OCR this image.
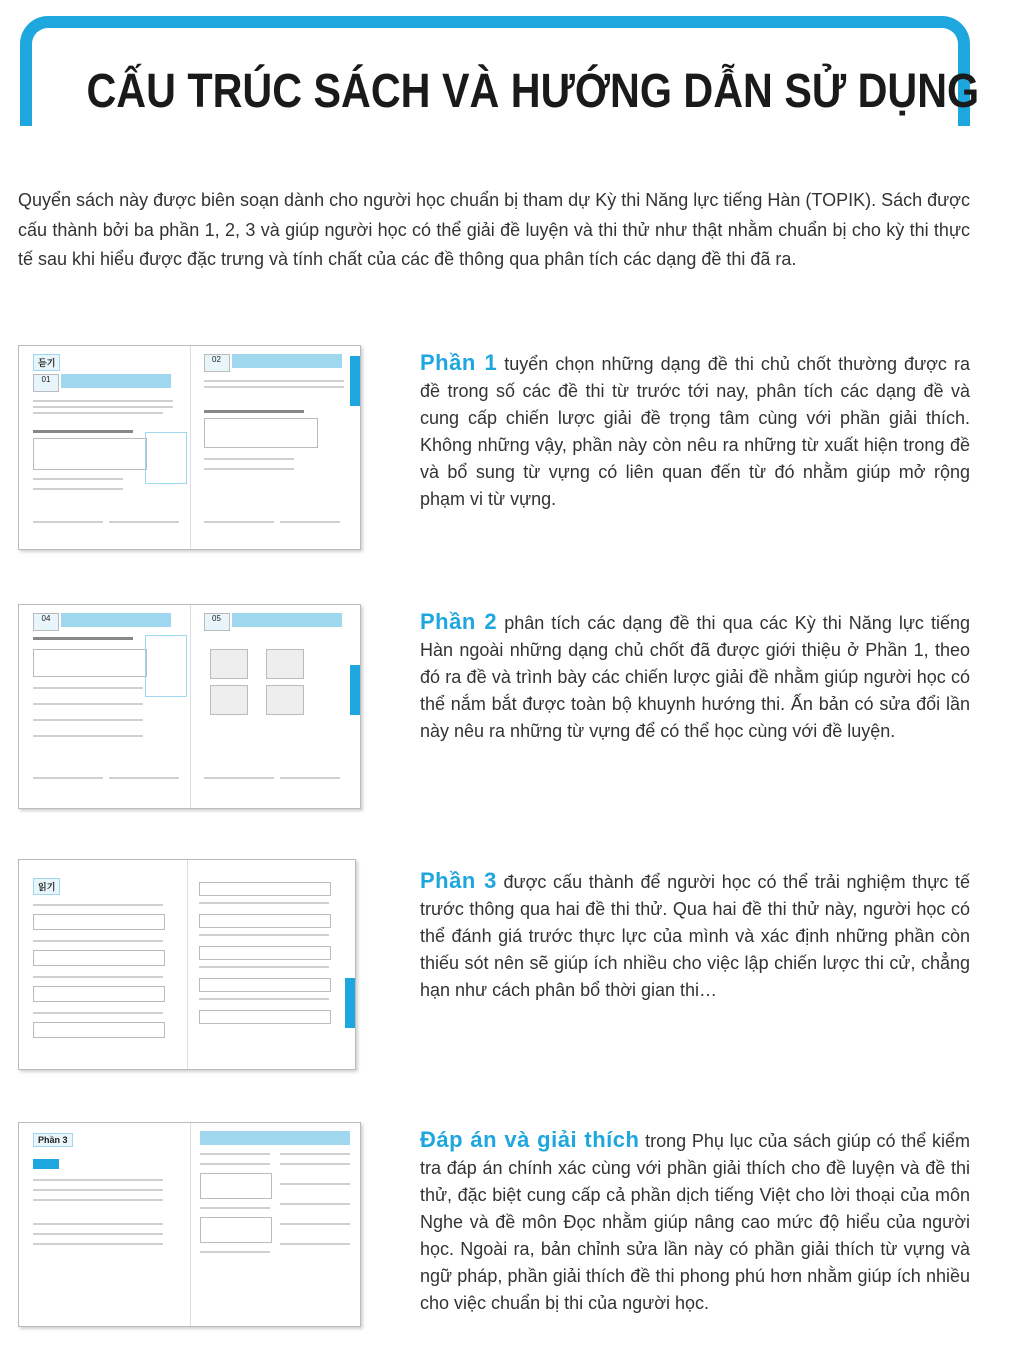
CẤU TRÚC SÁCH VÀ HƯỚNG DẪN SỬ DỤNG
Quyển sách này được biên soạn dành cho người học chuẩn bị tham dự Kỳ thi Năng lực tiếng Hàn (TOPIK). Sách được cấu thành bởi ba phần 1, 2, 3 và giúp người học có thể giải đề luyện và thi thử như thật nhằm chuẩn bị cho kỳ thi thực tế sau khi hiểu được đặc trưng và tính chất của các đề thông qua phân tích các dạng đề thi đã ra.
듣기
01
02	Phần 1 tuyển chọn những dạng đề thi chủ chốt thường được ra đề trong số các đề thi từ trước tới nay, phân tích các dạng đề và cung cấp chiến lược giải đề trọng tâm cùng với phần giải thích. Không những vậy, phần này còn nêu ra những từ xuất hiện trong đề và bổ sung từ vựng có liên quan đến từ đó nhằm giúp mở rộng phạm vi từ vựng.
04	05	Phần 2 phân tích các dạng đề thi qua các Kỳ thi Năng lực tiếng Hàn ngoài những dạng chủ chốt đã được giới thiệu ở Phần 1, theo đó ra đề và trình bày các chiến lược giải đề nhằm giúp người học có thể nắm bắt được toàn bộ khuynh hướng thi. Ấn bản có sửa đổi lần này nêu ra những từ vựng để có thể học cùng với đề luyện.
읽기	Phần 3 được cấu thành để người học có thể trải nghiệm thực tế trước thông qua hai đề thi thử. Qua hai đề thi thử này, người học có thể đánh giá trước thực lực của mình và xác định những phần còn thiếu sót nên sẽ giúp ích nhiều cho việc lập chiến lược thi cử, chẳng hạn như cách phân bổ thời gian thi…
Phần 3	Đáp án và giải thích trong Phụ lục của sách giúp có thể kiểm tra đáp án chính xác cùng với phần giải thích cho đề luyện và đề thi thử, đặc biệt cung cấp cả phần dịch tiếng Việt cho lời thoại của môn Nghe và đề môn Đọc nhằm giúp nâng cao mức độ hiểu của người học. Ngoài ra, bản chỉnh sửa lần này có phần giải thích từ vựng và ngữ pháp, phần giải thích đề thi phong phú hơn nhằm giúp ích nhiều cho việc chuẩn bị thi của người học.
